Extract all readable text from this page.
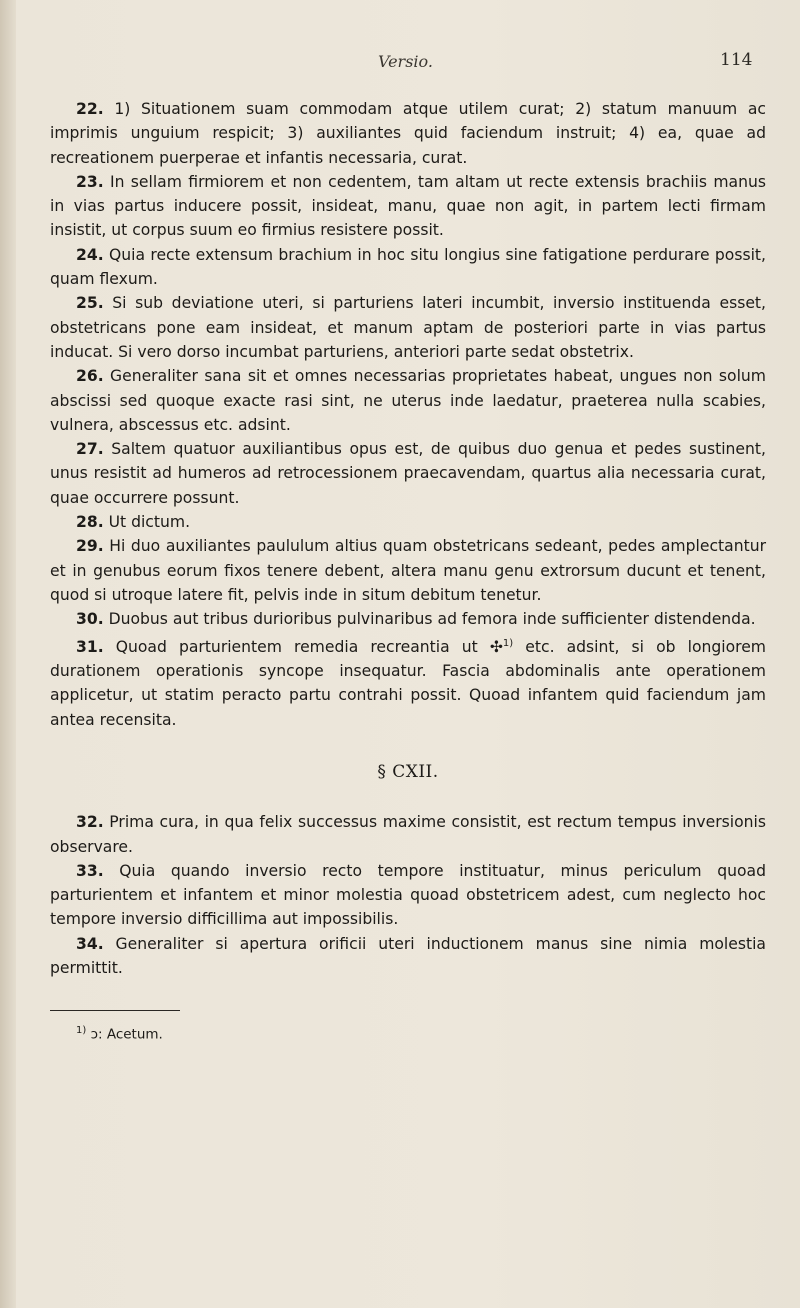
Versio.	114

22. 1) Situationem suam commodam atque utilem curat; 2) statum manuum ac imprimis unguium respicit; 3) auxiliantes quid faciendum instruit; 4) ea, quae ad recreationem puerperae et infantis necessaria, curat.

23. In sellam firmiorem et non cedentem, tam altam ut recte extensis brachiis manus in vias partus inducere possit, insideat, manu, quae non agit, in partem lecti firmam insistit, ut corpus suum eo firmius resistere possit.

24. Quia recte extensum brachium in hoc situ longius sine fatigatione perdurare possit, quam flexum.

25. Si sub deviatione uteri, si parturiens lateri incumbit, inversio instituenda esset, obstetricans pone eam insideat, et manum aptam de posteriori parte in vias partus inducat. Si vero dorso incumbat parturiens, anteriori parte sedat obstetrix.

26. Generaliter sana sit et omnes necessarias proprietates habeat, ungues non solum abscissi sed quoque exacte rasi sint, ne uterus inde laedatur, praeterea nulla scabies, vulnera, abscessus etc. adsint.

27. Saltem quatuor auxiliantibus opus est, de quibus duo genua et pedes sustinent, unus resistit ad humeros ad retrocessionem praecavendam, quartus alia necessaria curat, quae occurrere possunt.

28. Ut dictum.

29. Hi duo auxiliantes paululum altius quam obstetricans sedeant, pedes amplectantur et in genubus eorum fixos tenere debent, altera manu genu extrorsum ducunt et tenent, quod si utroque latere fit, pelvis inde in situm debitum tenetur.

30. Duobus aut tribus durioribus pulvinaribus ad femora inde sufficienter distendenda.

31. Quoad parturientem remedia recreantia ut ✣$^{1)}$ etc. adsint, si ob longiorem durationem operationis syncope insequatur. Fascia abdominalis ante operationem applicetur, ut statim peracto partu contrahi possit. Quoad infantem quid faciendum jam antea recensita.

§ CXII.

32. Prima cura, in qua felix successus maxime consistit, est rectum tempus inversionis observare.

33. Quia quando inversio recto tempore instituatur, minus periculum quoad parturientem et infantem et minor molestia quoad obstetricem adest, cum neglecto hoc tempore inversio difficillima aut impossibilis.

34. Generaliter si apertura orificii uteri inductionem manus sine nimia molestia permittit.

$^{1)}$ ↄ: Acetum.
